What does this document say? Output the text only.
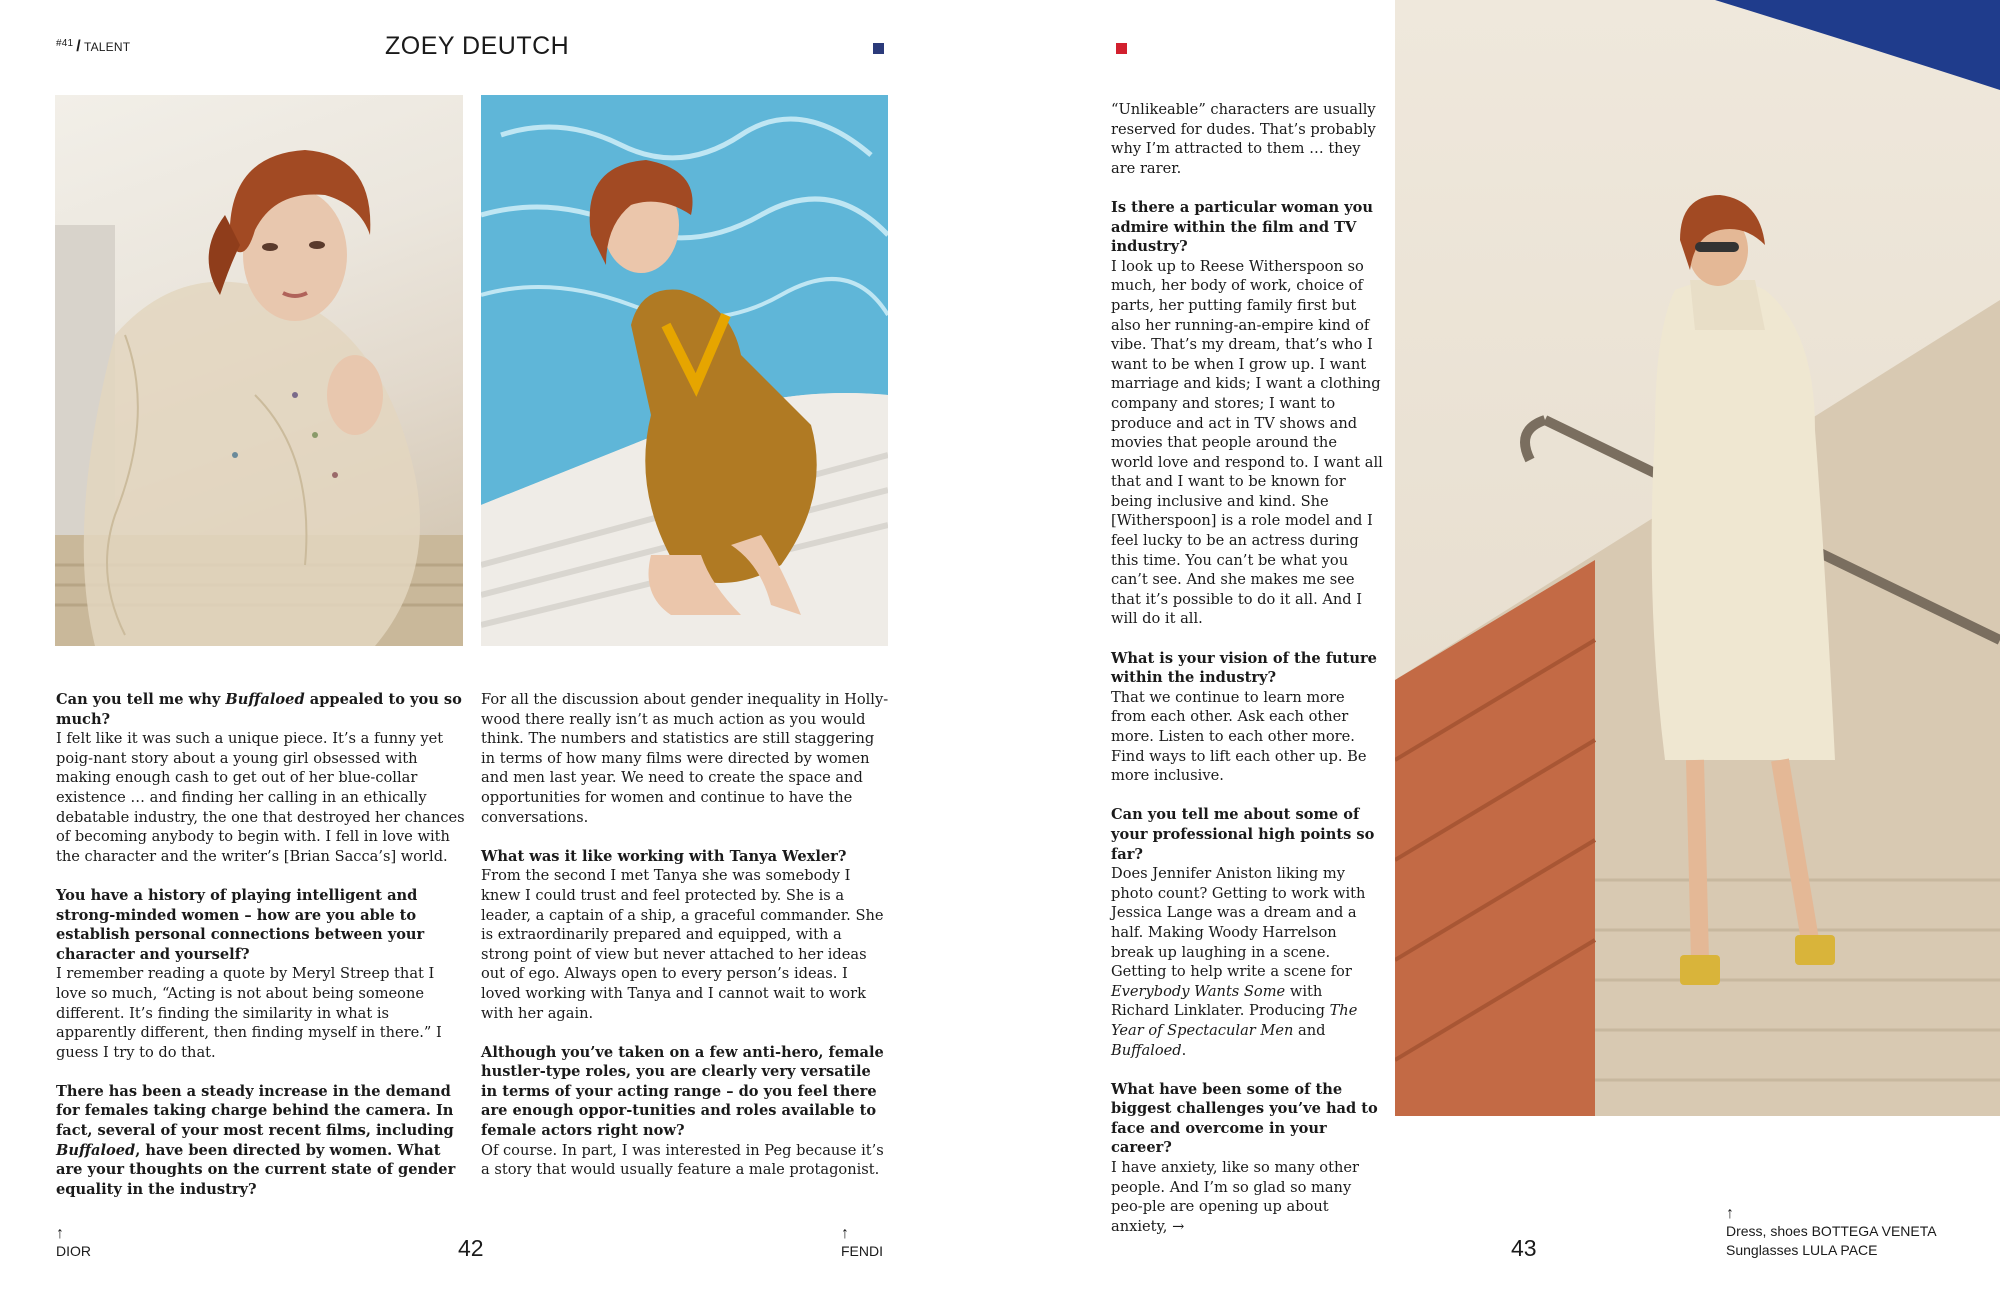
$^{\#41}$ / TALENT	ZOEY DEUTCH

Can you tell me why Buffaloed appealed to you so much?
I felt like it was such a unique piece. It’s a funny yet poig-nant story about a young girl obsessed with making enough cash to get out of her blue-collar existence … and finding her calling in an ethically debatable industry, the one that destroyed her chances of becoming anybody to begin with. I fell in love with the character and the writer’s [Brian Sacca’s] world.

You have a history of playing intelligent and strong-minded women – how are you able to establish personal connections between your character and yourself?
I remember reading a quote by Meryl Streep that I love so much, “Acting is not about being someone different. It’s finding the similarity in what is apparently different, then finding myself in there.” I guess I try to do that.

There has been a steady increase in the demand for females taking charge behind the camera. In fact, several of your most recent films, including Buffaloed, have been directed by women. What are your thoughts on the current state of gender equality in the industry?

For all the discussion about gender inequality in Holly-wood there really isn’t as much action as you would think. The numbers and statistics are still staggering in terms of how many films were directed by women and men last year. We need to create the space and opportunities for women and continue to have the conversations.

What was it like working with Tanya Wexler?
From the second I met Tanya she was somebody I knew I could trust and feel protected by. She is a leader, a captain of a ship, a graceful commander. She is extraordinarily prepared and equipped, with a strong point of view but never attached to her ideas out of ego. Always open to every person’s ideas. I loved working with Tanya and I cannot wait to work with her again.

Although you’ve taken on a few anti-hero, female hustler-type roles, you are clearly very versatile in terms of your acting range – do you feel there are enough oppor-tunities and roles available to female actors right now?
Of course. In part, I was interested in Peg because it’s a story that would usually feature a male protagonist.

“Unlikeable” characters are usually reserved for dudes. That’s probably why I’m attracted to them … they are rarer.

Is there a particular woman you admire within the film and TV industry?
I look up to Reese Witherspoon so much, her body of work, choice of parts, her putting family first but also her running-an-empire kind of vibe. That’s my dream, that’s who I want to be when I grow up. I want marriage and kids; I want a clothing company and stores; I want to produce and act in TV shows and movies that people around the world love and respond to. I want all that and I want to be known for being inclusive and kind. She [Witherspoon] is a role model and I feel lucky to be an actress during this time. You can’t be what you can’t see. And she makes me see that it’s possible to do it all. And I will do it all.

What is your vision of the future within the industry?
That we continue to learn more from each other. Ask each other more. Listen to each other more. Find ways to lift each other up. Be more inclusive.

Can you tell me about some of your professional high points so far?
Does Jennifer Aniston liking my photo count? Getting to work with Jessica Lange was a dream and a half. Making Woody Harrelson break up laughing in a scene. Getting to help write a scene for Everybody Wants Some with Richard Linklater. Producing The Year of Spectacular Men and Buffaloed.

What have been some of the biggest challenges you’ve had to face and overcome in your career?
I have anxiety, like so many other people. And I’m so glad so many peo-ple are opening up about anxiety, →

↑
DIOR	42
↑
FENDI	43
↑
Dress, shoes BOTTEGA VENETA
Sunglasses LULA PACE
